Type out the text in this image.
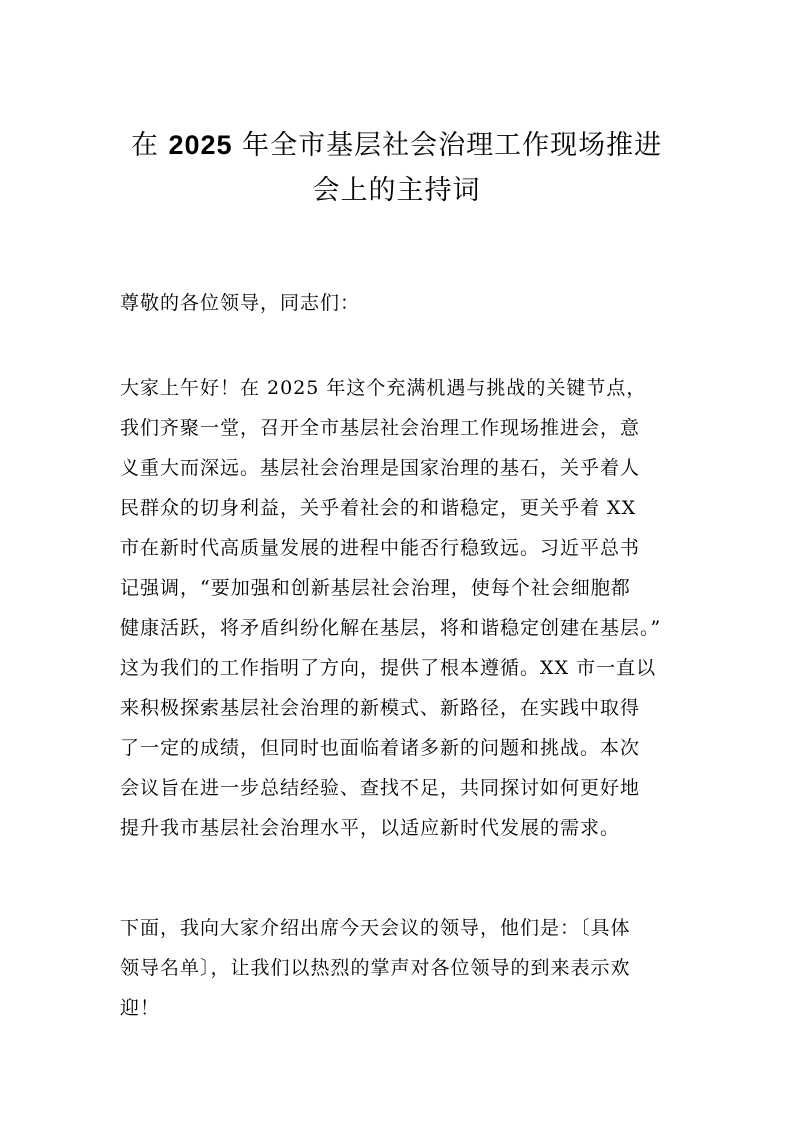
在 2025 年全市基层社会治理工作现场推进
会上的主持词

尊敬的各位领导，同志们：

大家上午好！在 2025 年这个充满机遇与挑战的关键节点，
我们齐聚一堂，召开全市基层社会治理工作现场推进会，意
义重大而深远。基层社会治理是国家治理的基石，关乎着人
民群众的切身利益，关乎着社会的和谐稳定，更关乎着 XX
市在新时代高质量发展的进程中能否行稳致远。习近平总书
记强调，“要加强和创新基层社会治理，使每个社会细胞都
健康活跃，将矛盾纠纷化解在基层，将和谐稳定创建在基层。”
这为我们的工作指明了方向，提供了根本遵循。XX 市一直以
来积极探索基层社会治理的新模式、新路径，在实践中取得
了一定的成绩，但同时也面临着诸多新的问题和挑战。本次
会议旨在进一步总结经验、查找不足，共同探讨如何更好地
提升我市基层社会治理水平，以适应新时代发展的需求。

下面，我向大家介绍出席今天会议的领导，他们是：〔具体
领导名单〕，让我们以热烈的掌声对各位领导的到来表示欢
迎！
